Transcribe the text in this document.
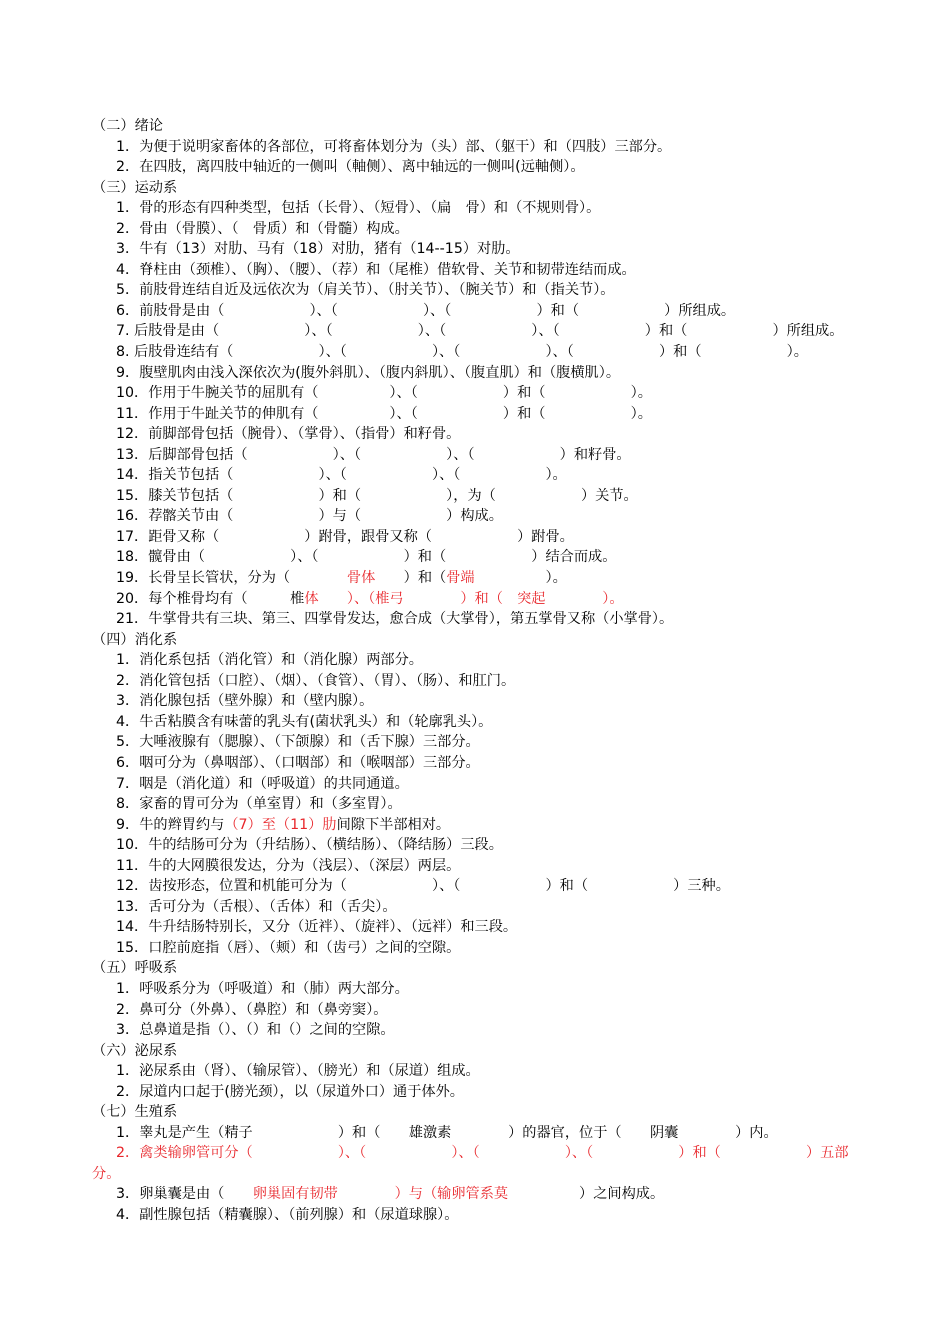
（二）绪论
1．为便于说明家畜体的各部位，可将畜体划分为（头）部、（躯干）和（四肢）三部分。
2．在四肢，离四肢中轴近的一侧叫（軸侧）、离中轴远的一侧叫(远軸侧）。
（三）运动系
1．骨的形态有四种类型，包括（长骨）、（短骨）、（扁　骨）和（不规则骨）。
2．骨由（骨膜）、（　骨质）和（骨髓）构成。
3．牛有（13）对肋、马有（18）对肋，猪有（14--15）对肋。
4．脊柱由（颈椎）、（胸）、（腰）、（荐）和（尾椎）借软骨、关节和韧带连结而成。
5．前肢骨连结自近及远依次为（肩关节）、（肘关节）、（腕关节）和（指关节）。
6．前肢骨是由（　　　　　　）、（　　　　　　）、（　　　　　　）和（　　　　　　）所组成。
7. 后肢骨是由（　　　　　　）、（　　　　　　）、（　　　　　　）、（　　　　　　）和（　　　　　　）所组成。
8. 后肢骨连结有（　　　　　　）、（　　　　　　）、（　　　　　　）、（　　　　　　）和（　　　　　　）。
9．腹壁肌肉由浅入深依次为(腹外斜肌）、（腹内斜肌）、（腹直肌）和（腹横肌）。
10．作用于牛腕关节的屈肌有（　　　　　）、（　　　　　　）和（　　　　　　）。
11．作用于牛趾关节的伸肌有（　　　　　）、（　　　　　　）和（　　　　　　）。
12．前脚部骨包括（腕骨）、（掌骨）、（指骨）和籽骨。
13．后脚部骨包括（　　　　　　）、（　　　　　　）、（　　　　　　）和籽骨。
14．指关节包括（　　　　　　）、（　　　　　　）、（　　　　　　）。
15．膝关节包括（　　　　　　）和（　　　　　　），为（　　　　　　）关节。
16．荐髂关节由（　　　　　　）与（　　　　　　）构成。
17．距骨又称（　　　　　　）跗骨，跟骨又称（　　　　　　）跗骨。
18．髋骨由（　　　　　　）、（　　　　　　）和（　　　　　　）结合而成。
19．长骨呈长管状，分为（　　　　骨体　　）和（骨端　　　　　）。
20．每个椎骨均有（　　　椎体　　）、（椎弓　　　　）和（　突起　　　　）。
21．牛掌骨共有三块、第三、四掌骨发达，愈合成（大掌骨），第五掌骨又称（小掌骨）。
（四）消化系
1．消化系包括（消化管）和（消化腺）两部分。
2．消化管包括（口腔）、（烟）、（食管）、（胃）、（肠）、和肛门。
3．消化腺包括（壁外腺）和（壁内腺）。
4．牛舌粘膜含有味蕾的乳头有(菌状乳头）和（轮廓乳头）。
5．大唾液腺有（腮腺）、（下颌腺）和（舌下腺）三部分。
6．咽可分为（鼻咽部）、（口咽部）和（喉咽部）三部分。
7．咽是（消化道）和（呼吸道）的共同通道。
8．家畜的胃可分为（单室胃）和（多室胃）。
9．牛的辫胃约与（7）至（11）肋间隙下半部相对。
10．牛的结肠可分为（升结肠）、（横结肠）、（降结肠）三段。
11．牛的大网膜很发达，分为（浅层）、（深层）两层。
12．齿按形态，位置和机能可分为（　　　　　　）、（　　　　　　）和（　　　　　　）三种。
13．舌可分为（舌根）、（舌体）和（舌尖）。
14．牛升结肠特别长，又分（近袢）、（旋袢）、（远袢）和三段。
15．口腔前庭指（唇）、（颊）和（齿弓）之间的空隙。
（五）呼吸系
1．呼吸系分为（呼吸道）和（肺）两大部分。
2．鼻可分（外鼻）、（鼻腔）和（鼻旁窦）。
3．总鼻道是指（）、（）和（）之间的空隙。
（六）泌尿系
1．泌尿系由（肾）、（输尿管）、（膀光）和（尿道）组成。
2．尿道内口起于(膀光颈），以（尿道外口）通于体外。
（七）生殖系
1．睾丸是产生（精子　　　　　　）和（　　雄激素　　　　）的器官，位于（　　阴囊　　　　）内。
2．禽类输卵管可分（　　　　　　）、（　　　　　　）、（　　　　　　）、（　　　　　　）和（　　　　　　）五部
分。
3．卵巢囊是由（　　卵巢固有韧带　　　　）与（输卵管系莫　　　　　）之间构成。
4．副性腺包括（精囊腺）、（前列腺）和（尿道球腺）。
